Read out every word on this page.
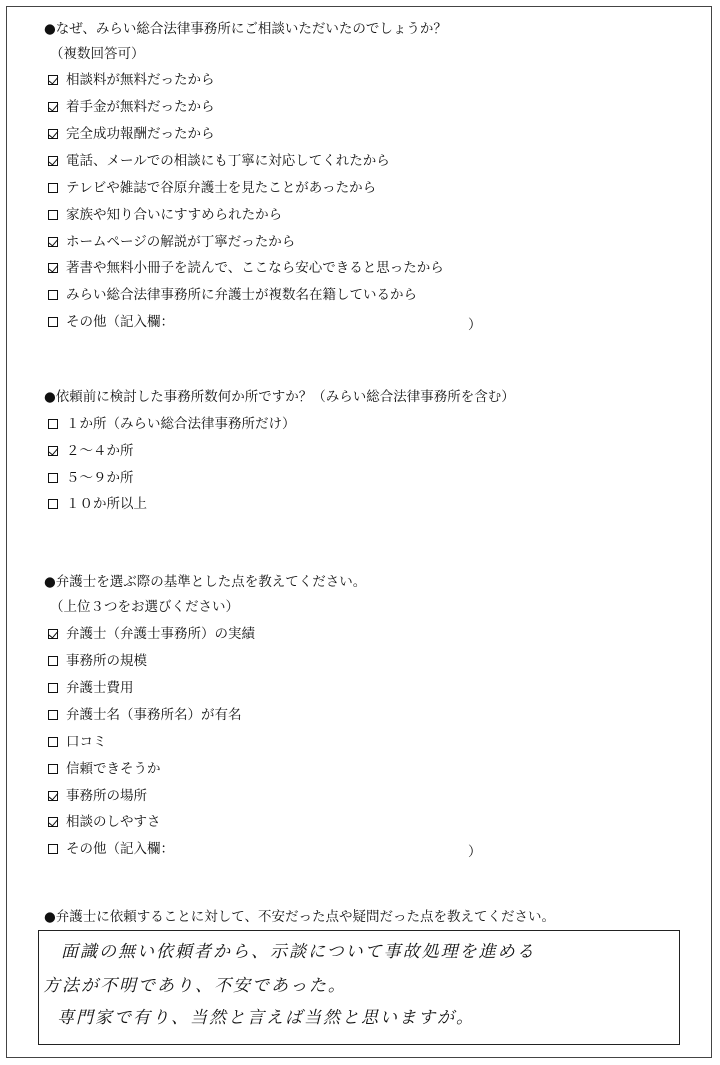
●なぜ、みらい総合法律事務所にご相談いただいたのでしょうか？
（複数回答可）
相談料が無料だったから
着手金が無料だったから
完全成功報酬だったから
電話、メールでの相談にも丁寧に対応してくれたから
テレビや雑誌で谷原弁護士を見たことがあったから
家族や知り合いにすすめられたから
ホームページの解説が丁寧だったから
著書や無料小冊子を読んで、ここなら安心できると思ったから
みらい総合法律事務所に弁護士が複数名在籍しているから
その他（記入欄：	）
●依頼前に検討した事務所数何か所ですか？（みらい総合法律事務所を含む）
１か所（みらい総合法律事務所だけ）
２～４か所
５～９か所
１０か所以上
●弁護士を選ぶ際の基準とした点を教えてください。
（上位３つをお選びください）
弁護士（弁護士事務所）の実績
事務所の規模
弁護士費用
弁護士名（事務所名）が有名
口コミ
信頼できそうか
事務所の場所
相談のしやすさ
その他（記入欄：	）
●弁護士に依頼することに対して、不安だった点や疑問だった点を教えてください。
面識の無い依頼者から、示談について事故処理を進める
方法が不明であり、不安であった。
専門家で有り、当然と言えば当然と思いますが。
